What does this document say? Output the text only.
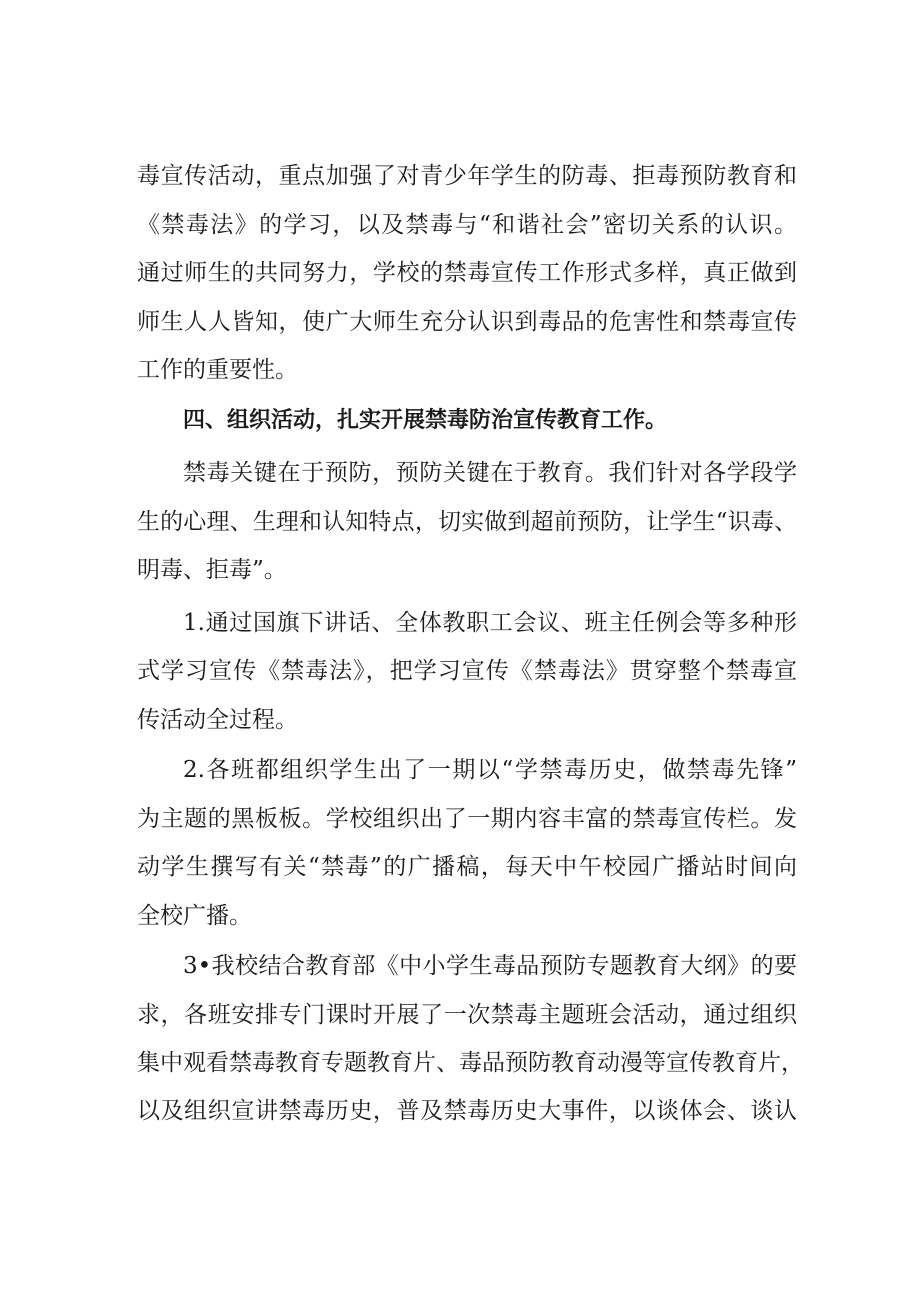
毒宣传活动，重点加强了对青少年学生的防毒、拒毒预防教育和
《禁毒法》的学习，以及禁毒与“和谐社会”密切关系的认识。
通过师生的共同努力，学校的禁毒宣传工作形式多样，真正做到
师生人人皆知，使广大师生充分认识到毒品的危害性和禁毒宣传
工作的重要性。
四、组织活动，扎实开展禁毒防治宣传教育工作。
禁毒关键在于预防，预防关键在于教育。我们针对各学段学
生的心理、生理和认知特点，切实做到超前预防，让学生“识毒、
明毒、拒毒”。
1.通过国旗下讲话、全体教职工会议、班主任例会等多种形
式学习宣传《禁毒法》，把学习宣传《禁毒法》贯穿整个禁毒宣
传活动全过程。
2.各班都组织学生出了一期以“学禁毒历史，做禁毒先锋”
为主题的黑板板。学校组织出了一期内容丰富的禁毒宣传栏。发
动学生撰写有关“禁毒”的广播稿，每天中午校园广播站时间向
全校广播。
3•我校结合教育部《中小学生毒品预防专题教育大纲》的要
求，各班安排专门课时开展了一次禁毒主题班会活动，通过组织
集中观看禁毒教育专题教育片、毒品预防教育动漫等宣传教育片，
以及组织宣讲禁毒历史，普及禁毒历史大事件，以谈体会、谈认
